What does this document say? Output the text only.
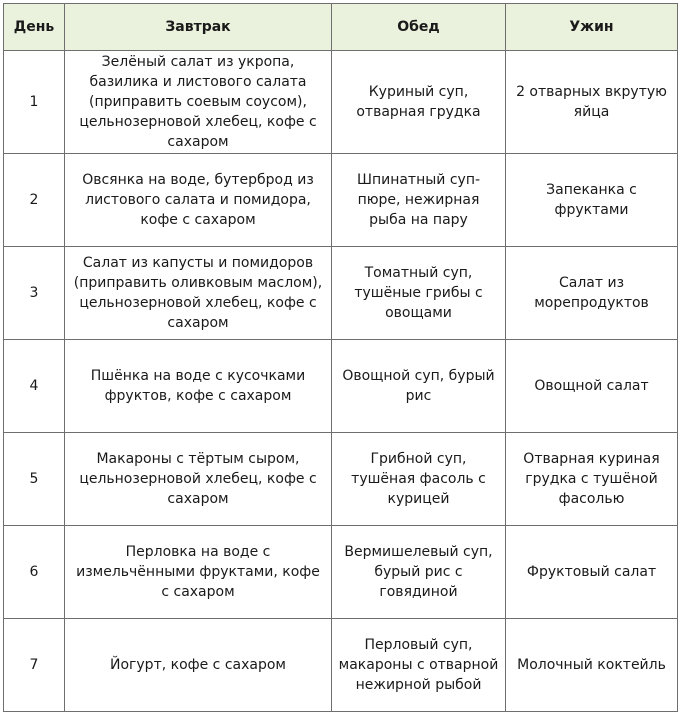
День	Завтрак	Обед	Ужин
1	Зелёный салат из укропа, базилика и листового салата (приправить соевым соусом), цельнозерновой хлебец, кофе с сахаром	Куриный суп, отварная грудка	2 отварных вкрутую яйца
2	Овсянка на воде, бутерброд из листового салата и помидора, кофе с сахаром	Шпинатный суп-пюре, нежирная рыба на пару	Запеканка с фруктами
3	Салат из капусты и помидоров (приправить оливковым маслом), цельнозерновой хлебец, кофе с сахаром	Томатный суп, тушёные грибы с овощами	Салат из морепродуктов
4	Пшёнка на воде с кусочками фруктов, кофе с сахаром	Овощной суп, бурый рис	Овощной салат
5	Макароны с тёртым сыром, цельнозерновой хлебец, кофе с сахаром	Грибной суп, тушёная фасоль с курицей	Отварная куриная грудка с тушёной фасолью
6	Перловка на воде с измельчёнными фруктами, кофе с сахаром	Вермишелевый суп, бурый рис с говядиной	Фруктовый салат
7	Йогурт, кофе с сахаром	Перловый суп, макароны с отварной нежирной рыбой	Молочный коктейль
